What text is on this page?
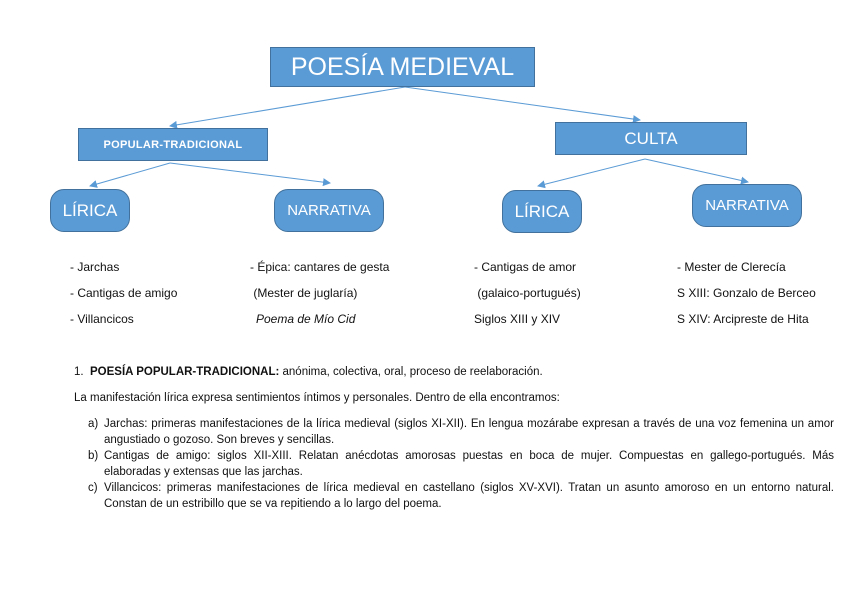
POESÍA MEDIEVAL
POPULAR-TRADICIONAL	CULTA
LÍRICA	NARRATIVA	LÍRICA	NARRATIVA
- Jarchas
- Cantigas de amigo
- Villancicos
- Épica: cantares de gesta
(Mester de juglaría)
Poema de Mío Cid
- Cantigas de amor
(galaico-portugués)
Siglos XIII y XIV
- Mester de Clerecía
S XIII: Gonzalo de Berceo
S XIV: Arcipreste de Hita
1. POESÍA POPULAR-TRADICIONAL: anónima, colectiva, oral, proceso de reelaboración.
La manifestación lírica expresa sentimientos íntimos y personales. Dentro de ella encontramos:
a) Jarchas: primeras manifestaciones de la lírica medieval (siglos XI-XII). En lengua mozárabe expresan a través de una voz femenina un amor angustiado o gozoso. Son breves y sencillas.
b) Cantigas de amigo: siglos XII-XIII. Relatan anécdotas amorosas puestas en boca de mujer. Compuestas en gallego-portugués. Más elaboradas y extensas que las jarchas.
c) Villancicos: primeras manifestaciones de lírica medieval en castellano (siglos XV-XVI). Tratan un asunto amoroso en un entorno natural. Constan de un estribillo que se va repitiendo a lo largo del poema.
